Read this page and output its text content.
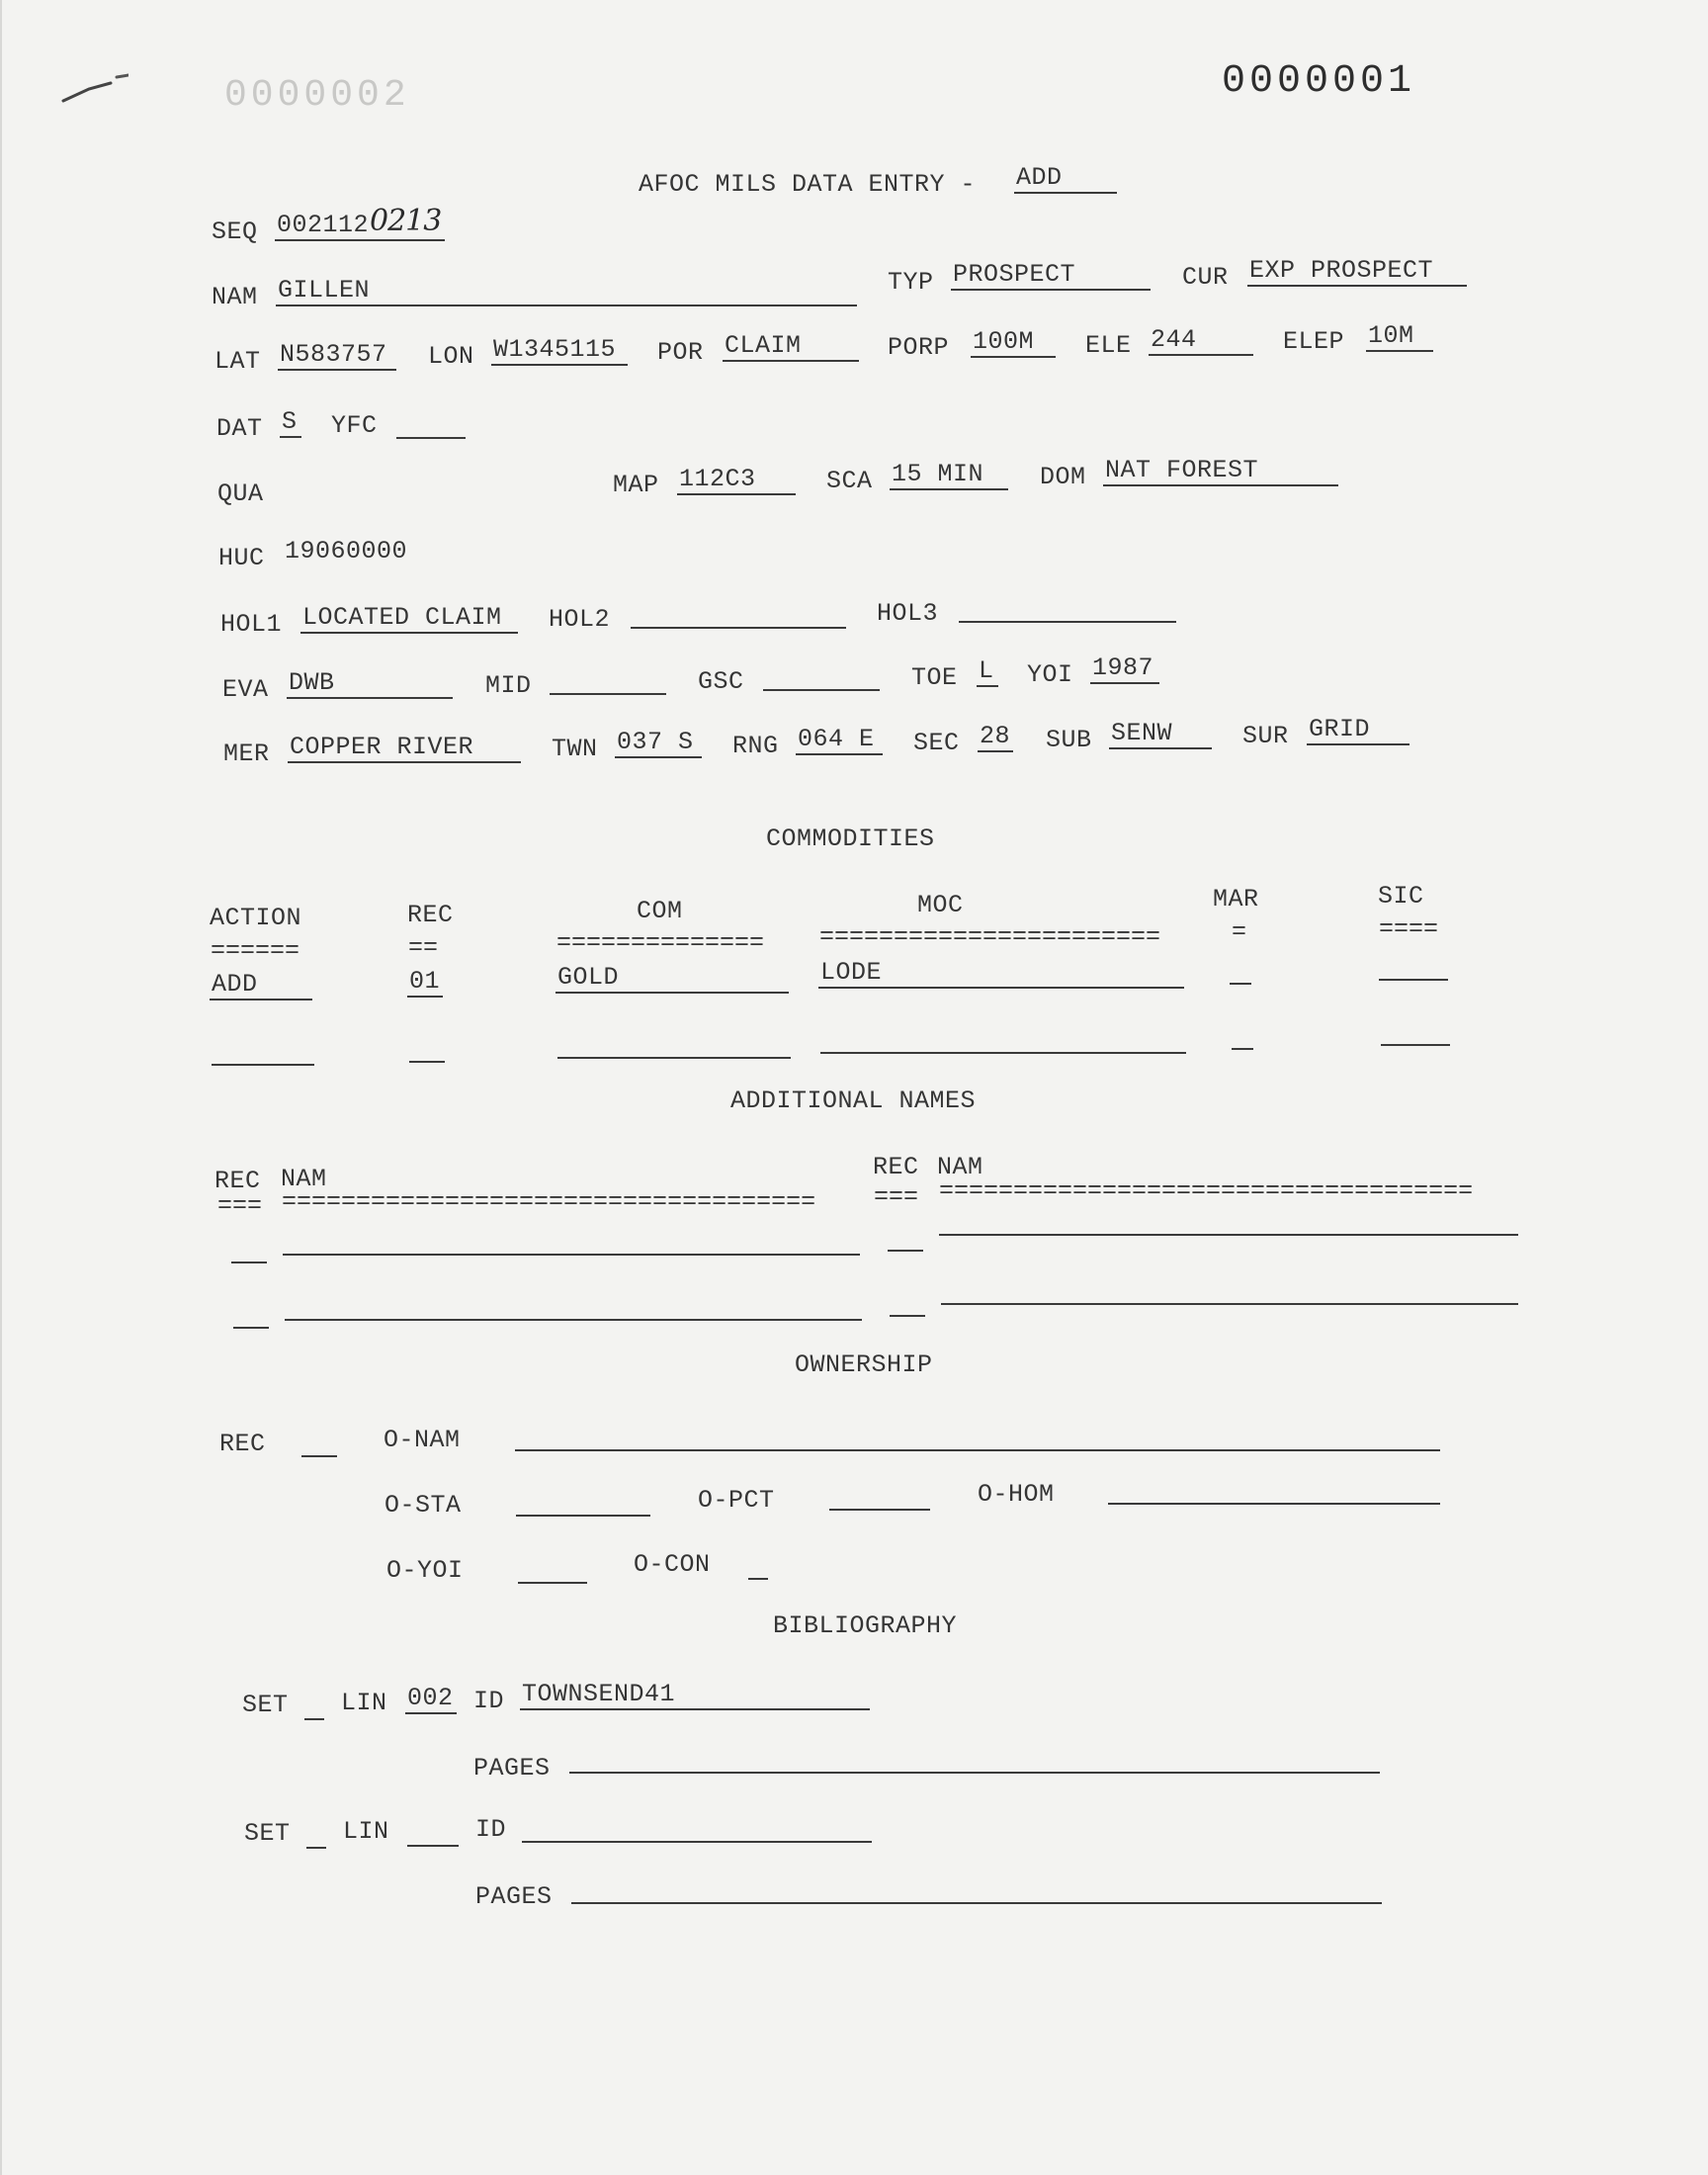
0000002	0000001
AFOC MILS DATA ENTRY - ADD
SEQ 002112 0213
NAM GILLEN	TYP PROSPECT	CUR EXP PROSPECT
LAT N583757	LON W1345115	POR CLAIM	PORP 100M	ELE 244	ELEP 10M
DAT S YFC
QUA	MAP 112C3	SCA 15 MIN	DOM NAT FOREST
HUC 19060000
HOL1 LOCATED CLAIM	HOL2	HOL3
EVA DWB	MID	GSC	TOE L YOI 1987
MER COPPER RIVER	TWN 037 S	RNG 064 E	SEC 28 SUB SENW	SUR GRID
COMMODITIES
ACTION	REC	COM	MOC	MAR	SIC
======	==	============== =======================	=	====
ADD	01	GOLD	LODE
ADDITIONAL NAMES
REC NAM	REC NAM
=== ====================================	=== ====================================
OWNERSHIP
REC	O-NAM
O-STA	O-PCT	O-HOM
O-YOI	O-CON
BIBLIOGRAPHY
SET LIN 002 ID TOWNSEND41
PAGES
SET LIN	ID
PAGES
